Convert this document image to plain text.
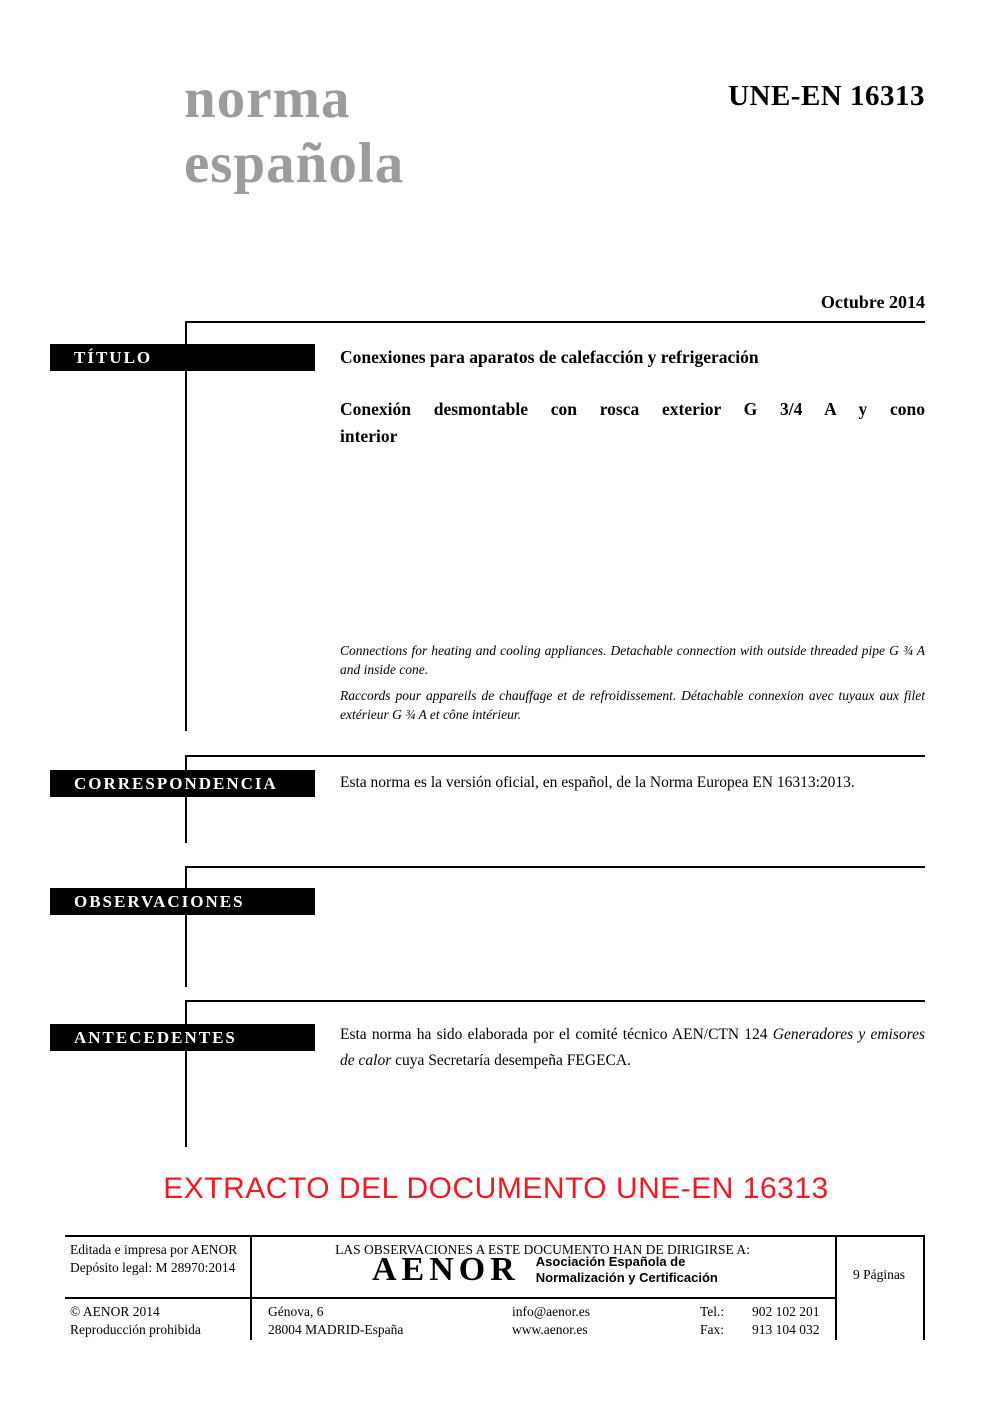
norma
española
UNE-EN 16313
Octubre 2014
TÍTULO
CORRESPONDENCIA
OBSERVACIONES
ANTECEDENTES
Conexiones para aparatos de calefacción y refrigeración
Conexión desmontable con rosca exterior G 3/4 A y cono
interior
Connections for heating and cooling appliances. Detachable connection with outside threaded pipe G ¾ A and inside cone.
Raccords pour appareils de chauffage et de refroidissement. Détachable connexion avec tuyaux aux filet extérieur G ¾ A et cône intérieur.
Esta norma es la versión oficial, en español, de la Norma Europea EN 16313:2013.
Esta norma ha sido elaborada por el comité técnico AEN/CTN 124 Generadores y emisores de calor cuya Secretaría desempeña FEGECA.
EXTRACTO DEL DOCUMENTO UNE-EN 16313
Editada e impresa por AENOR
Depósito legal: M 28970:2014
LAS OBSERVACIONES A ESTE DOCUMENTO HAN DE DIRIGIRSE A:
AENOR Asociación Española de
Normalización y Certificación
© AENOR 2014
Reproducción prohibida
Génova, 6
28004 MADRID-España
info@aenor.es
www.aenor.es
Tel.:	902 102 201
Fax:	913 104 032
9 Páginas
